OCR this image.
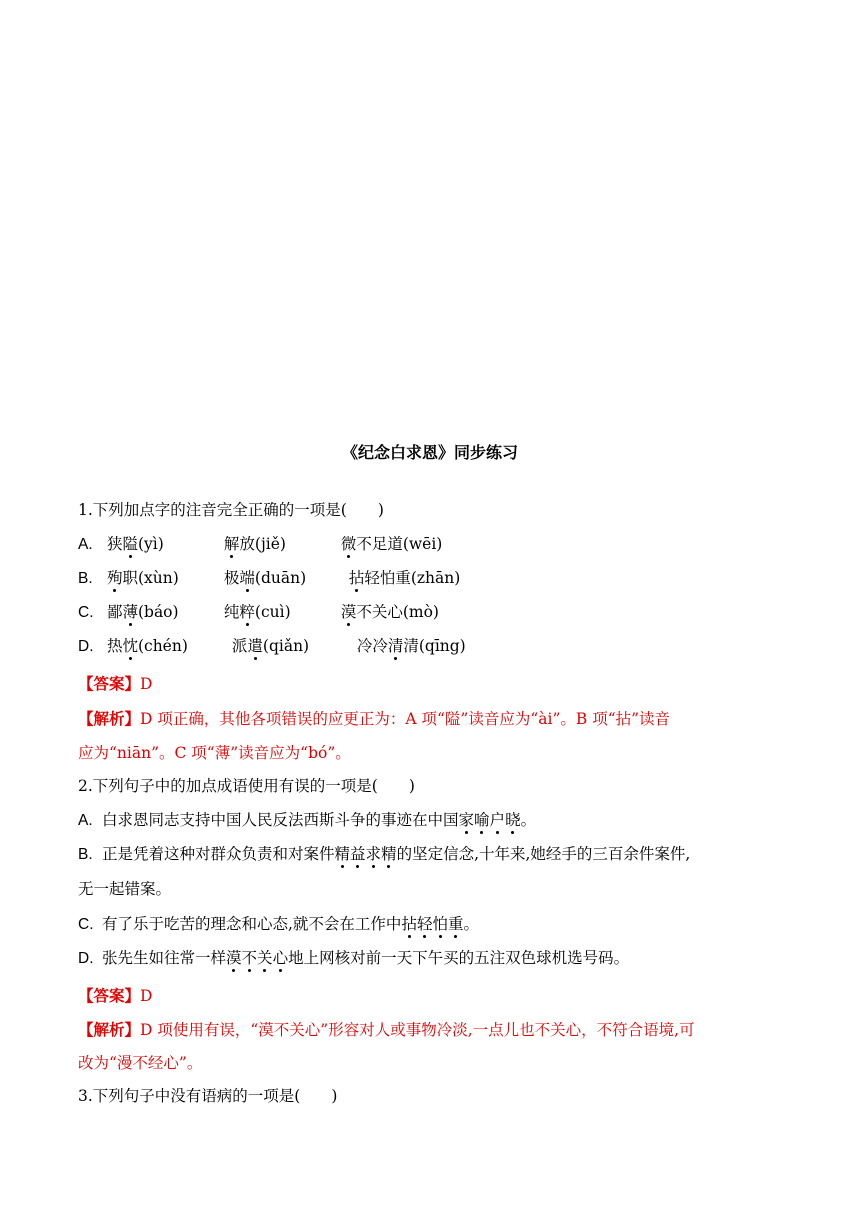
《纪念白求恩》同步练习
1.下列加点字的注音完全正确的一项是(　　)
A. 狭隘(yì)	解放(jiě)	微不足道(wēi)
B. 殉职(xùn)	极端(duān)	拈轻怕重(zhān)
C. 鄙薄(báo)	纯粹(cuì)	漠不关心(mò)
D. 热忱(chén)	派遣(qiǎn)	冷冷清清(qīng)
【答案】D
【解析】D 项正确，其他各项错误的应更正为：A 项“隘”读音应为“ài”。B 项“拈”读音
应为“niān”。C 项“薄”读音应为“bó”。
2.下列句子中的加点成语使用有误的一项是(　　)
A. 白求恩同志支持中国人民反法西斯斗争的事迹在中国家喻户晓。
B. 正是凭着这种对群众负责和对案件精益求精的坚定信念,十年来,她经手的三百余件案件,
无一起错案。
C. 有了乐于吃苦的理念和心态,就不会在工作中拈轻怕重。
D. 张先生如往常一样漠不关心地上网核对前一天下午买的五注双色球机选号码。
【答案】D
【解析】D 项使用有误，“漠不关心”形容对人或事物冷淡,一点儿也不关心，不符合语境,可
改为“漫不经心”。
3.下列句子中没有语病的一项是(　　)
